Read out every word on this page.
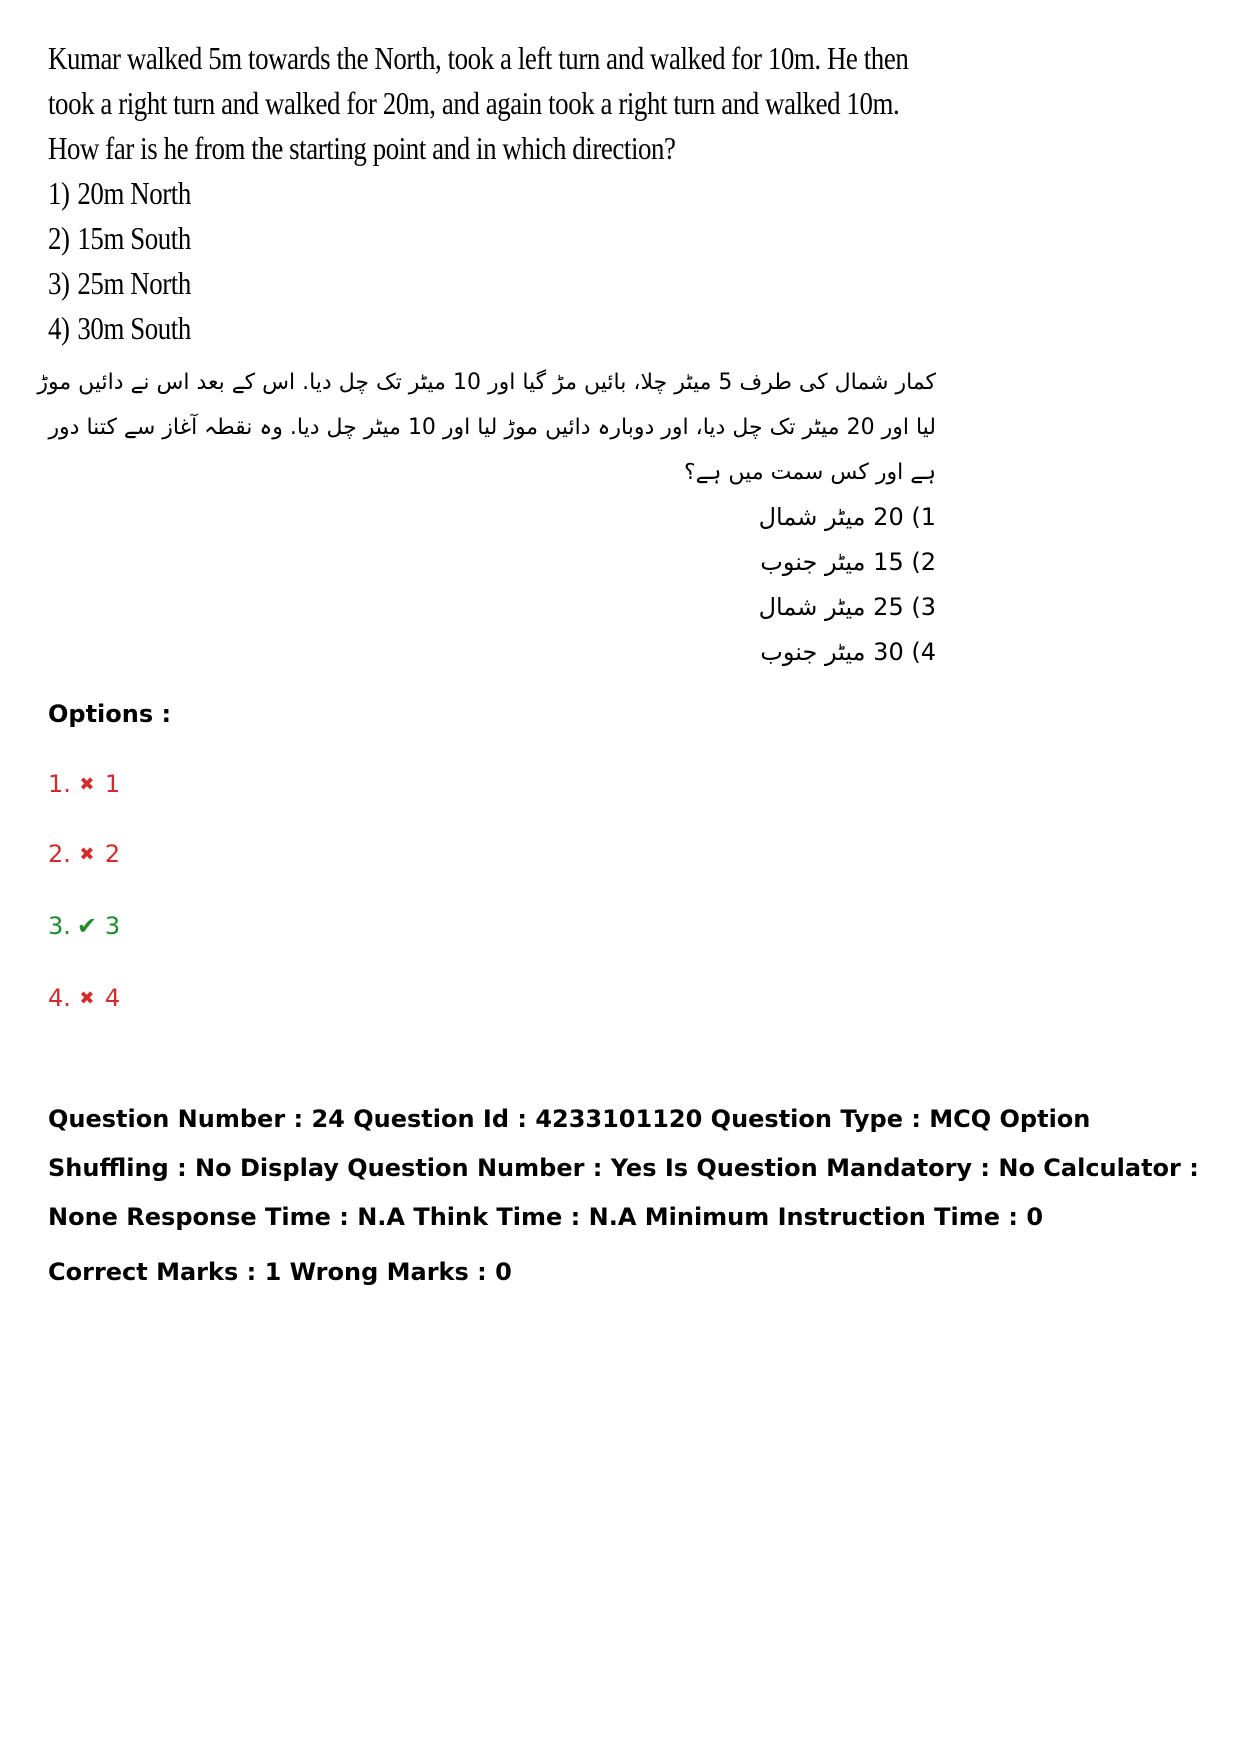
Kumar walked 5m towards the North, took a left turn and walked for 10m. He then took a right turn and walked for 20m, and again took a right turn and walked 10m. How far is he from the starting point and in which direction?

1) 20m North

2) 15m South

3) 25m North

4) 30m South

کمار شمال کی طرف 5 میٹر چلا، بائیں مڑ گیا اور 10 میٹر تک چل دیا. اس کے بعد اس نے دائیں موڑ لیا اور 20 میٹر تک چل دیا، اور دوبارہ دائیں موڑ لیا اور 10 میٹر چل دیا. وہ نقطہ آغاز سے کتنا دور ہے اور کس سمت میں ہے؟

1) 20 میٹر شمال

2) 15 میٹر جنوب

3) 25 میٹر شمال

4) 30 میٹر جنوب

Options :
1. ✖ 1
2. ✖ 2
3. ✔ 3
4. ✖ 4

Question Number : 24 Question Id : 4233101120 Question Type : MCQ Option Shuffling : No Display Question Number : Yes Is Question Mandatory : No Calculator : None Response Time : N.A Think Time : N.A Minimum Instruction Time : 0

Correct Marks : 1 Wrong Marks : 0
